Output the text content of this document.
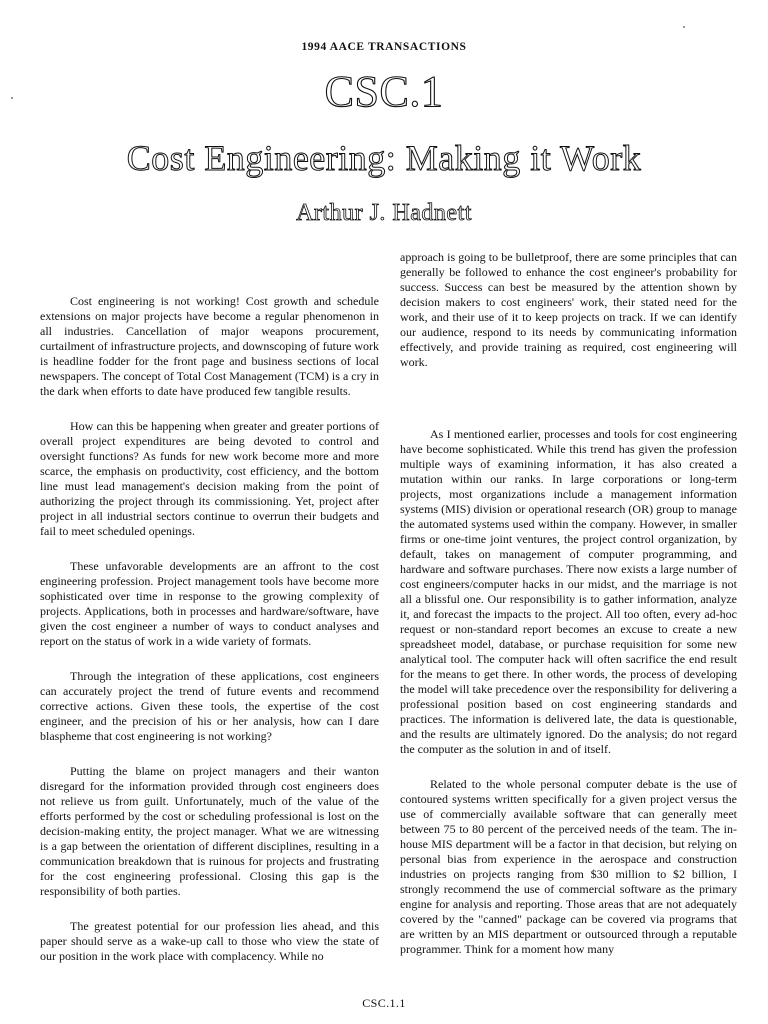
1994 AACE TRANSACTIONS
CSC.1
Cost Engineering: Making it Work
Arthur J. Hadnett
INTRODUCTION

Cost engineering is not working! Cost growth and schedule extensions on major projects have become a regular phenomenon in all industries. Cancellation of major weapons procurement, curtailment of infrastructure projects, and downscoping of future work is headline fodder for the front page and business sections of local newspapers. The concept of Total Cost Management (TCM) is a cry in the dark when efforts to date have produced few tangible results.

How can this be happening when greater and greater portions of overall project expenditures are being devoted to control and oversight functions? As funds for new work become more and more scarce, the emphasis on productivity, cost efficiency, and the bottom line must lead management's decision making from the point of authorizing the project through its commissioning. Yet, project after project in all industrial sectors continue to overrun their budgets and fail to meet scheduled openings.

These unfavorable developments are an affront to the cost engineering profession. Project management tools have become more sophisticated over time in response to the growing complexity of projects. Applications, both in processes and hardware/software, have given the cost engineer a number of ways to conduct analyses and report on the status of work in a wide variety of formats.

Through the integration of these applications, cost engineers can accurately project the trend of future events and recommend corrective actions. Given these tools, the expertise of the cost engineer, and the precision of his or her analysis, how can I dare blaspheme that cost engineering is not working?

Putting the blame on project managers and their wanton disregard for the information provided through cost engineers does not relieve us from guilt. Unfortunately, much of the value of the efforts performed by the cost or scheduling professional is lost on the decision-making entity, the project manager. What we are witnessing is a gap between the orientation of different disciplines, resulting in a communication breakdown that is ruinous for projects and frustrating for the cost engineering professional. Closing this gap is the responsibility of both parties.

The greatest potential for our profession lies ahead, and this paper should serve as a wake-up call to those who view the state of our position in the work place with complacency. While no

approach is going to be bulletproof, there are some principles that can generally be followed to enhance the cost engineer's probability for success. Success can best be measured by the attention shown by decision makers to cost engineers' work, their stated need for the work, and their use of it to keep projects on track. If we can identify our audience, respond to its needs by communicating information effectively, and provide training as required, cost engineering will work.

DO'S AND DON'TS

As I mentioned earlier, processes and tools for cost engineering have become sophisticated. While this trend has given the profession multiple ways of examining information, it has also created a mutation within our ranks. In large corporations or long-term projects, most organizations include a management information systems (MIS) division or operational research (OR) group to manage the automated systems used within the company. However, in smaller firms or one-time joint ventures, the project control organization, by default, takes on management of computer programming, and hardware and software purchases. There now exists a large number of cost engineers/computer hacks in our midst, and the marriage is not all a blissful one. Our responsibility is to gather information, analyze it, and forecast the impacts to the project. All too often, every ad-hoc request or non-standard report becomes an excuse to create a new spreadsheet model, database, or purchase requisition for some new analytical tool. The computer hack will often sacrifice the end result for the means to get there. In other words, the process of developing the model will take precedence over the responsibility for delivering a professional position based on cost engineering standards and practices. The information is delivered late, the data is questionable, and the results are ultimately ignored. Do the analysis; do not regard the computer as the solution in and of itself.

Related to the whole personal computer debate is the use of contoured systems written specifically for a given project versus the use of commercially available software that can generally meet between 75 to 80 percent of the perceived needs of the team. The in-house MIS department will be a factor in that decision, but relying on personal bias from experience in the aerospace and construction industries on projects ranging from $30 million to $2 billion, I strongly recommend the use of commercial software as the primary engine for analysis and reporting. Those areas that are not adequately covered by the "canned" package can be covered via programs that are written by an MIS department or outsourced through a reputable programmer. Think for a moment how many

CSC.1.1
